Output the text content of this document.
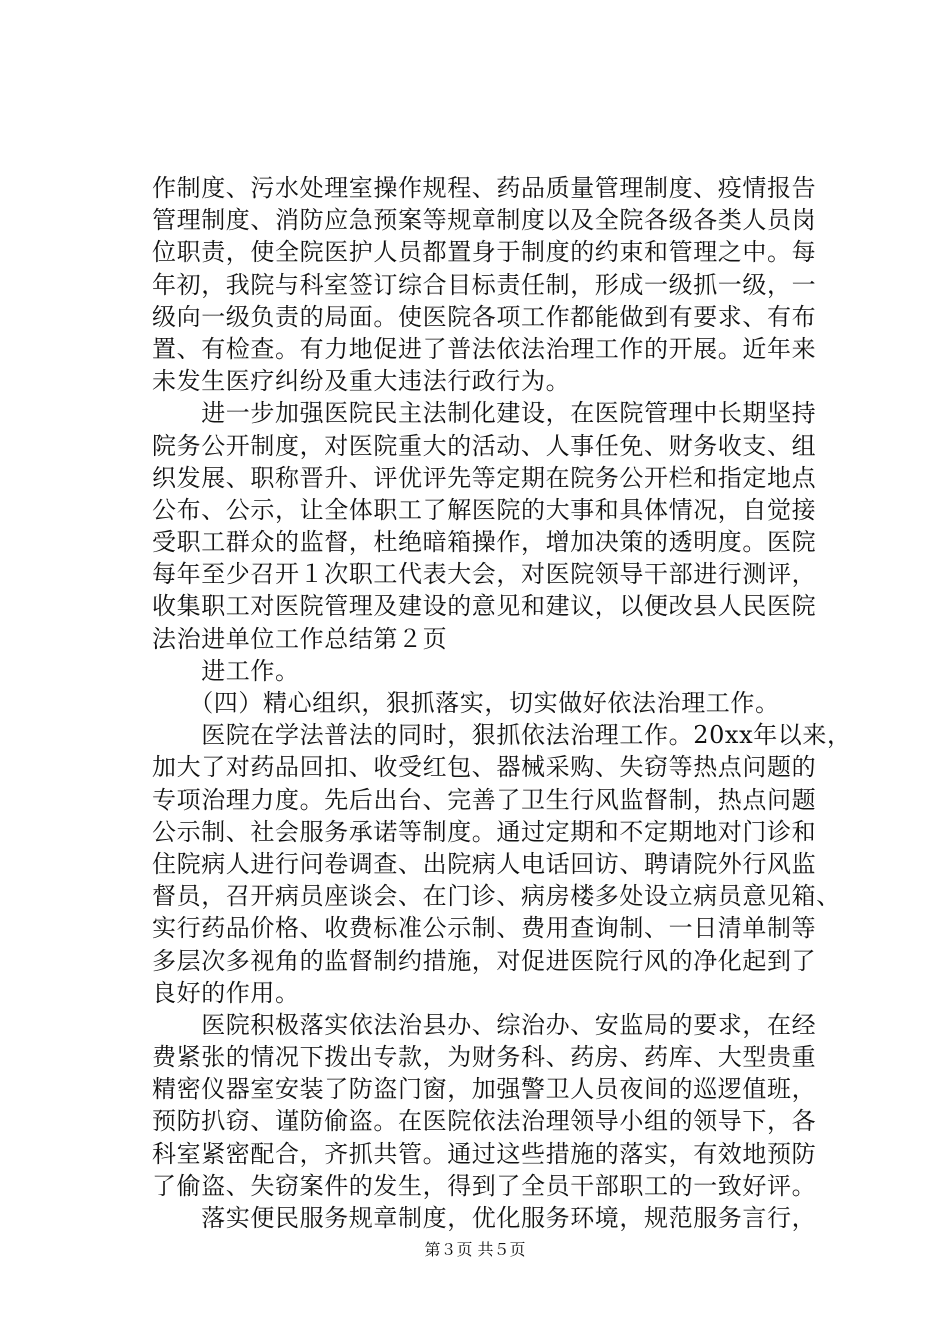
作制度、污水处理室操作规程、药品质量管理制度、疫情报告
管理制度、消防应急预案等规章制度以及全院各级各类人员岗
位职责，使全院医护人员都置身于制度的约束和管理之中。每
年初，我院与科室签订综合目标责任制，形成一级抓一级，一
级向一级负责的局面。使医院各项工作都能做到有要求、有布
置、有检查。有力地促进了普法依法治理工作的开展。近年来
未发生医疗纠纷及重大违法行政行为。
　　进一步加强医院民主法制化建设，在医院管理中长期坚持
院务公开制度，对医院重大的活动、人事任免、财务收支、组
织发展、职称晋升、评优评先等定期在院务公开栏和指定地点
公布、公示，让全体职工了解医院的大事和具体情况，自觉接
受职工群众的监督，杜绝暗箱操作，增加决策的透明度。医院
每年至少召开１次职工代表大会，对医院领导干部进行测评，
收集职工对医院管理及建设的意见和建议，以便改县人民医院
法治进单位工作总结第２页
　　进工作。
　　（四）精心组织，狠抓落实，切实做好依法治理工作。
　　医院在学法普法的同时，狠抓依法治理工作。20xx年以来，
加大了对药品回扣、收受红包、器械采购、失窃等热点问题的
专项治理力度。先后出台、完善了卫生行风监督制，热点问题
公示制、社会服务承诺等制度。通过定期和不定期地对门诊和
住院病人进行问卷调查、出院病人电话回访、聘请院外行风监
督员，召开病员座谈会、在门诊、病房楼多处设立病员意见箱、
实行药品价格、收费标准公示制、费用查询制、一日清单制等
多层次多视角的监督制约措施，对促进医院行风的净化起到了
良好的作用。
　　医院积极落实依法治县办、综治办、安监局的要求，在经
费紧张的情况下拨出专款，为财务科、药房、药库、大型贵重
精密仪器室安装了防盗门窗，加强警卫人员夜间的巡逻值班，
预防扒窃、谨防偷盗。在医院依法治理领导小组的领导下，各
科室紧密配合，齐抓共管。通过这些措施的落实，有效地预防
了偷盗、失窃案件的发生，得到了全员干部职工的一致好评。
　　落实便民服务规章制度，优化服务环境，规范服务言行，
第３页 共５页
